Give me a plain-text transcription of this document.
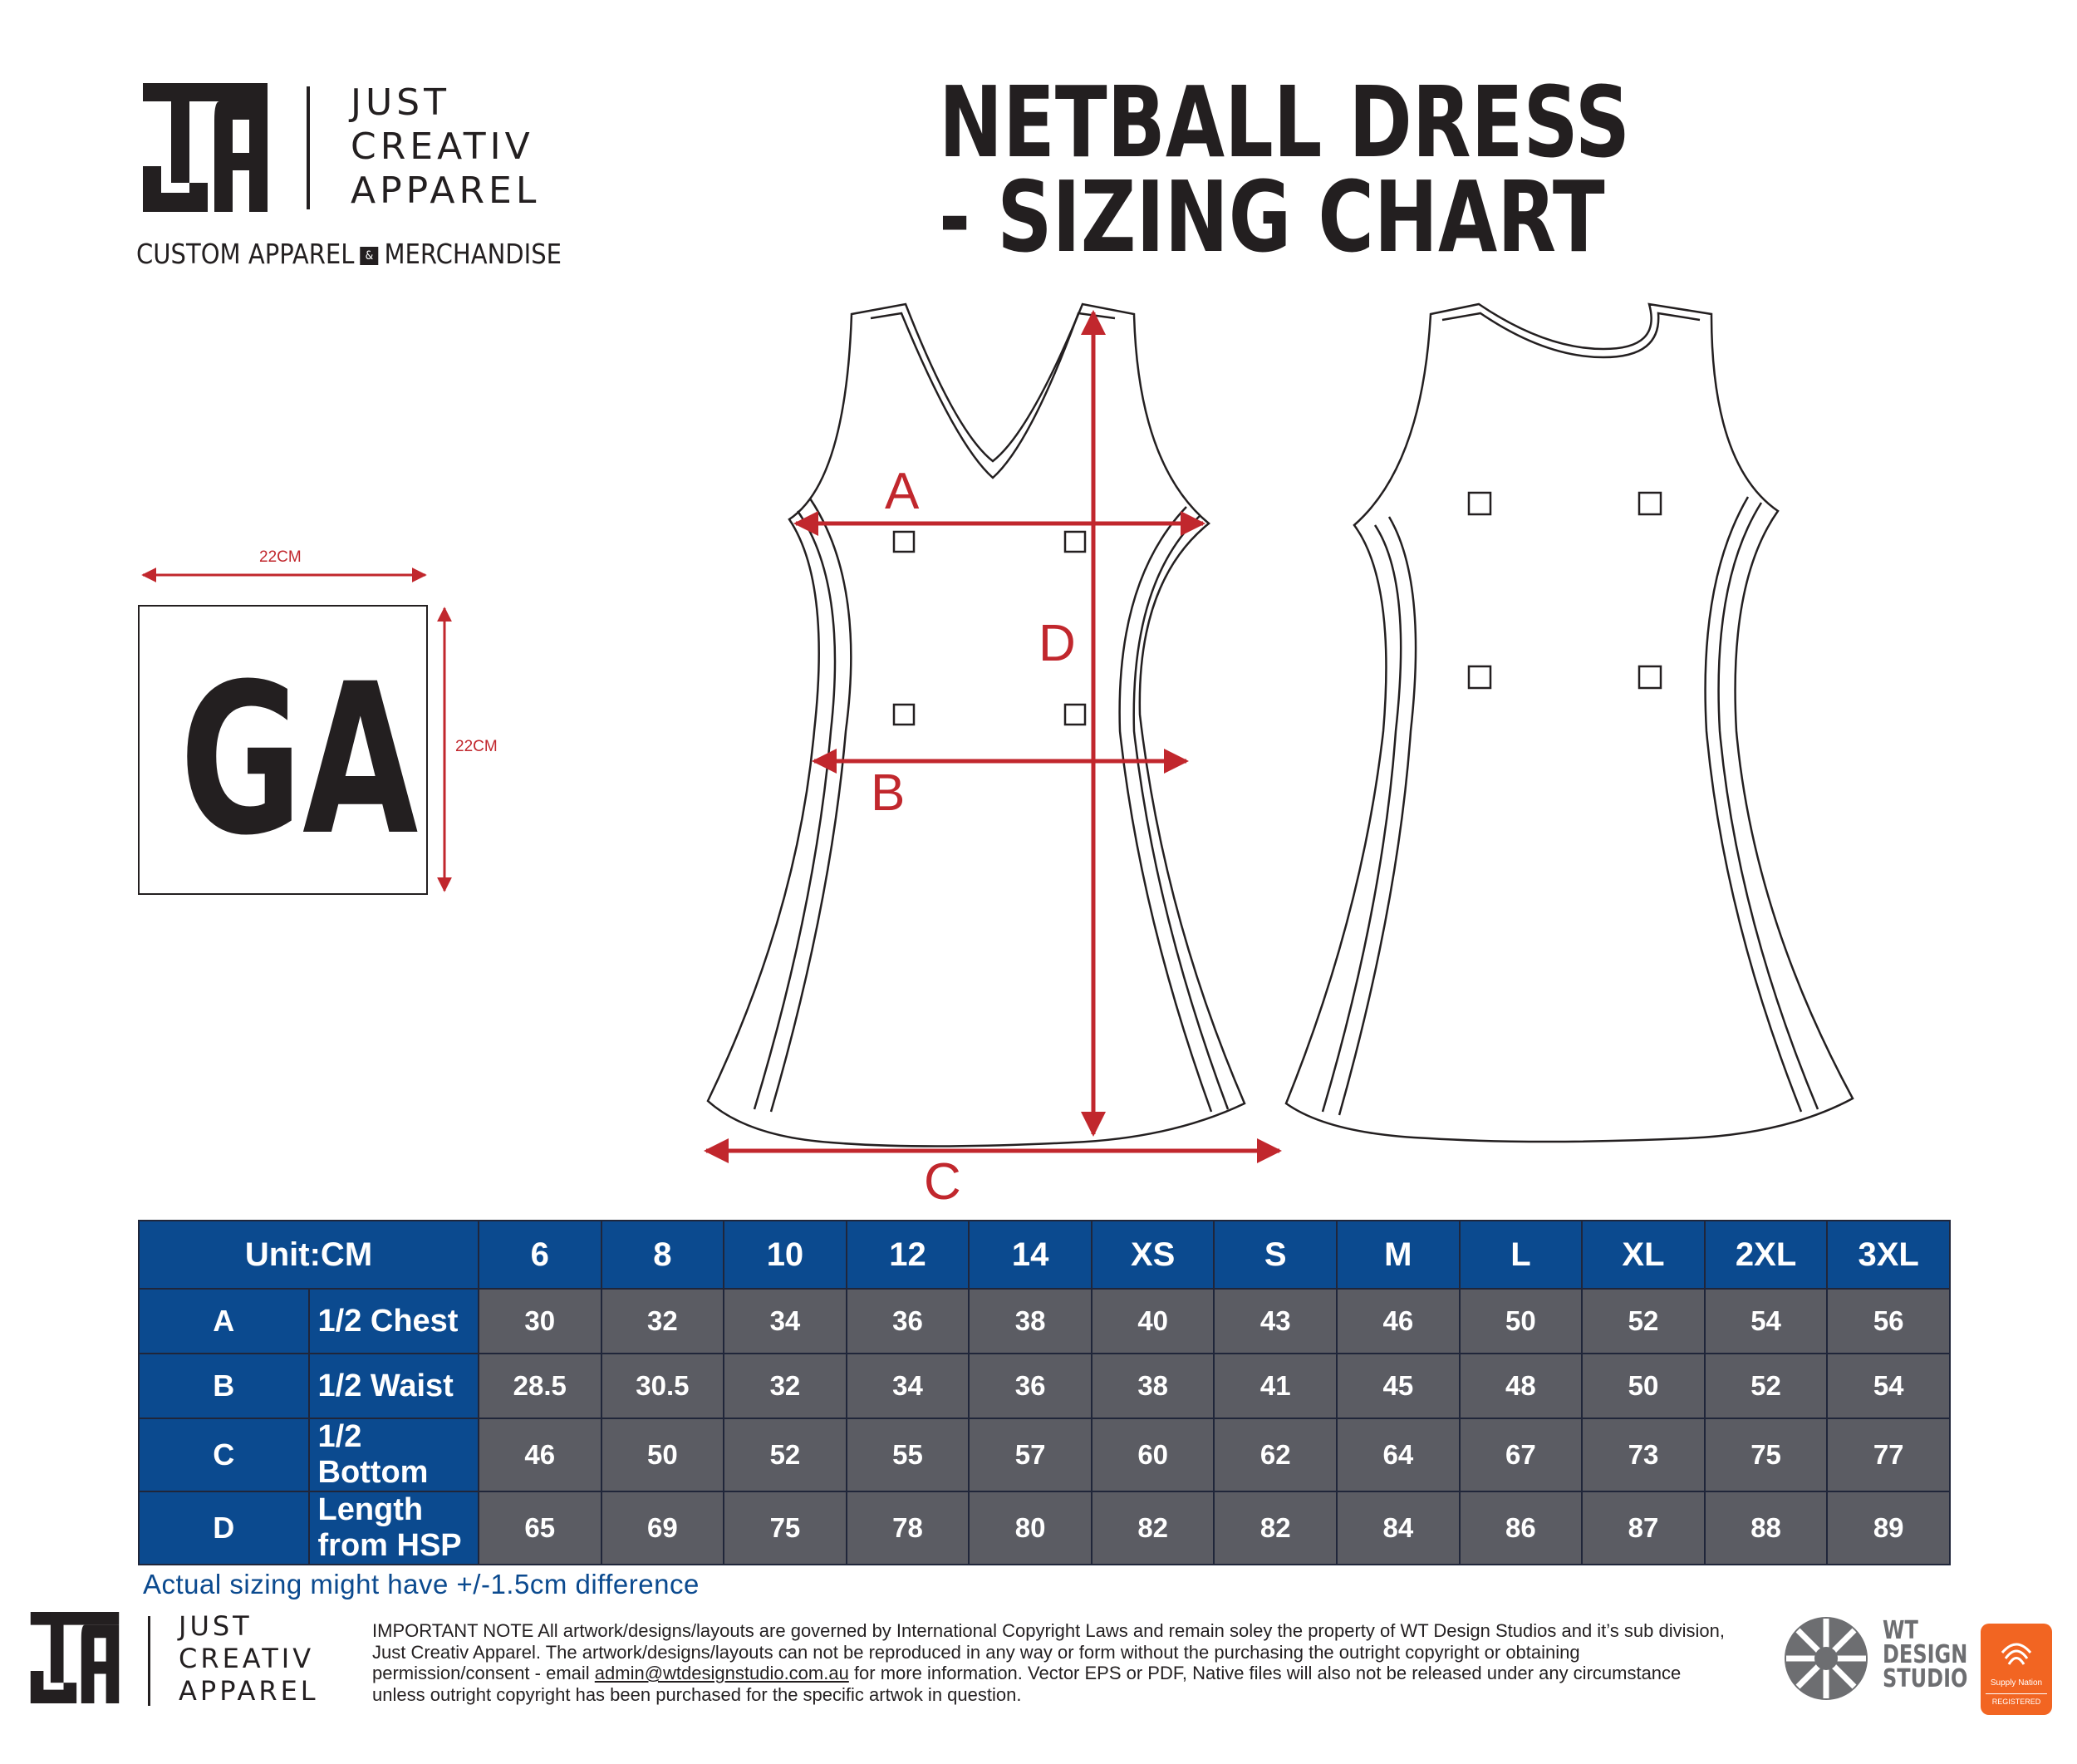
JUST
CREATIV
APPAREL
CUSTOM APPAREL & MERCHANDISE
NETBALL DRESS
- SIZING CHART
GA
22CM
22CM
A
B
C
D
Unit:CM		6	8	10	12	14	XS	S	M	L	XL	2XL	3XL
A	1/2 Chest	30	32	34	36	38	40	43	46	50	52	54	56
B	1/2 Waist	28.5	30.5	32	34	36	38	41	45	48	50	52	54
C	1/2 Bottom	46	50	52	55	57	60	62	64	67	73	75	77
D	Length from HSP	65	69	75	78	80	82	82	84	86	87	88	89
Actual sizing might have +/-1.5cm difference
JUST
CREATIV
APPAREL
IMPORTANT NOTE All artwork/designs/layouts are governed by International Copyright Laws and remain soley the property of WT Design Studios and it’s sub division,
Just Creativ Apparel. The artwork/designs/layouts can not be reproduced in any way or form without the purchasing the outright copyright or obtaining
permission/consent - email admin@wtdesignstudio.com.au for more information. Vector EPS or PDF, Native files will also not be released under any circumstance
unless outright copyright has been purchased for the specific artwok in question.
WT
DESIGN
STUDIO	Supply Nation
REGISTERED
